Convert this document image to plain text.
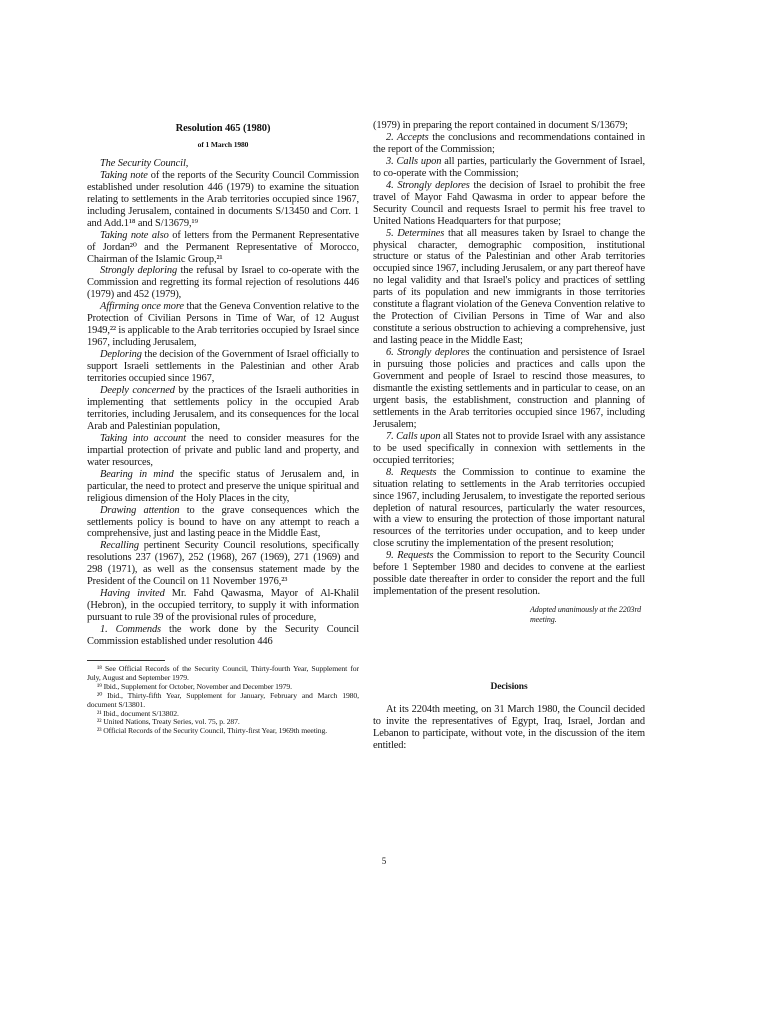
Resolution 465 (1980)
of 1 March 1980

The Security Council,

Taking note of the reports of the Security Council Commission established under resolution 446 (1979) to examine the situation relating to settlements in the Arab territories occupied since 1967, including Jerusalem, contained in documents S/13450 and Corr. 1 and Add.1¹⁸ and S/13679,¹⁹

Taking note also of letters from the Permanent Representative of Jordan²⁰ and the Permanent Representative of Morocco, Chairman of the Islamic Group,²¹

Strongly deploring the refusal by Israel to co-operate with the Commission and regretting its formal rejection of resolutions 446 (1979) and 452 (1979),

Affirming once more that the Geneva Convention relative to the Protection of Civilian Persons in Time of War, of 12 August 1949,²² is applicable to the Arab territories occupied by Israel since 1967, including Jerusalem,

Deploring the decision of the Government of Israel officially to support Israeli settlements in the Palestinian and other Arab territories occupied since 1967,

Deeply concerned by the practices of the Israeli authorities in implementing that settlements policy in the occupied Arab territories, including Jerusalem, and its consequences for the local Arab and Palestinian population,

Taking into account the need to consider measures for the impartial protection of private and public land and property, and water resources,

Bearing in mind the specific status of Jerusalem and, in particular, the need to protect and preserve the unique spiritual and religious dimension of the Holy Places in the city,

Drawing attention to the grave consequences which the settlements policy is bound to have on any attempt to reach a comprehensive, just and lasting peace in the Middle East,

Recalling pertinent Security Council resolutions, specifically resolutions 237 (1967), 252 (1968), 267 (1969), 271 (1969) and 298 (1971), as well as the consensus statement made by the President of the Council on 11 November 1976,²³

Having invited Mr. Fahd Qawasma, Mayor of Al-Khalil (Hebron), in the occupied territory, to supply it with information pursuant to rule 39 of the provisional rules of procedure,

1. Commends the work done by the Security Council Commission established under resolution 446

¹⁸ See Official Records of the Security Council, Thirty-fourth Year, Supplement for July, August and September 1979.

¹⁹ Ibid., Supplement for October, November and December 1979.

²⁰ Ibid., Thirty-fifth Year, Supplement for January, February and March 1980, document S/13801.

²¹ Ibid., document S/13802.

²² United Nations, Treaty Series, vol. 75, p. 287.

²³ Official Records of the Security Council, Thirty-first Year, 1969th meeting.

(1979) in preparing the report contained in document S/13679;

2. Accepts the conclusions and recommendations contained in the report of the Commission;

3. Calls upon all parties, particularly the Government of Israel, to co-operate with the Commission;

4. Strongly deplores the decision of Israel to prohibit the free travel of Mayor Fahd Qawasma in order to appear before the Security Council and requests Israel to permit his free travel to United Nations Headquarters for that purpose;

5. Determines that all measures taken by Israel to change the physical character, demographic composition, institutional structure or status of the Palestinian and other Arab territories occupied since 1967, including Jerusalem, or any part thereof have no legal validity and that Israel's policy and practices of settling parts of its population and new immigrants in those territories constitute a flagrant violation of the Geneva Convention relative to the Protection of Civilian Persons in Time of War and also constitute a serious obstruction to achieving a comprehensive, just and lasting peace in the Middle East;

6. Strongly deplores the continuation and persistence of Israel in pursuing those policies and practices and calls upon the Government and people of Israel to rescind those measures, to dismantle the existing settlements and in particular to cease, on an urgent basis, the establishment, construction and planning of settlements in the Arab territories occupied since 1967, including Jerusalem;

7. Calls upon all States not to provide Israel with any assistance to be used specifically in connexion with settlements in the occupied territories;

8. Requests the Commission to continue to examine the situation relating to settlements in the Arab territories occupied since 1967, including Jerusalem, to investigate the reported serious depletion of natural resources, particularly the water resources, with a view to ensuring the protection of those important natural resources of the territories under occupation, and to keep under close scrutiny the implementation of the present resolution;

9. Requests the Commission to report to the Security Council before 1 September 1980 and decides to convene at the earliest possible date thereafter in order to consider the report and the full implementation of the present resolution.

Adopted unanimously at the 2203rd meeting.
Decisions

At its 2204th meeting, on 31 March 1980, the Council decided to invite the representatives of Egypt, Iraq, Israel, Jordan and Lebanon to participate, without vote, in the discussion of the item entitled:

5
